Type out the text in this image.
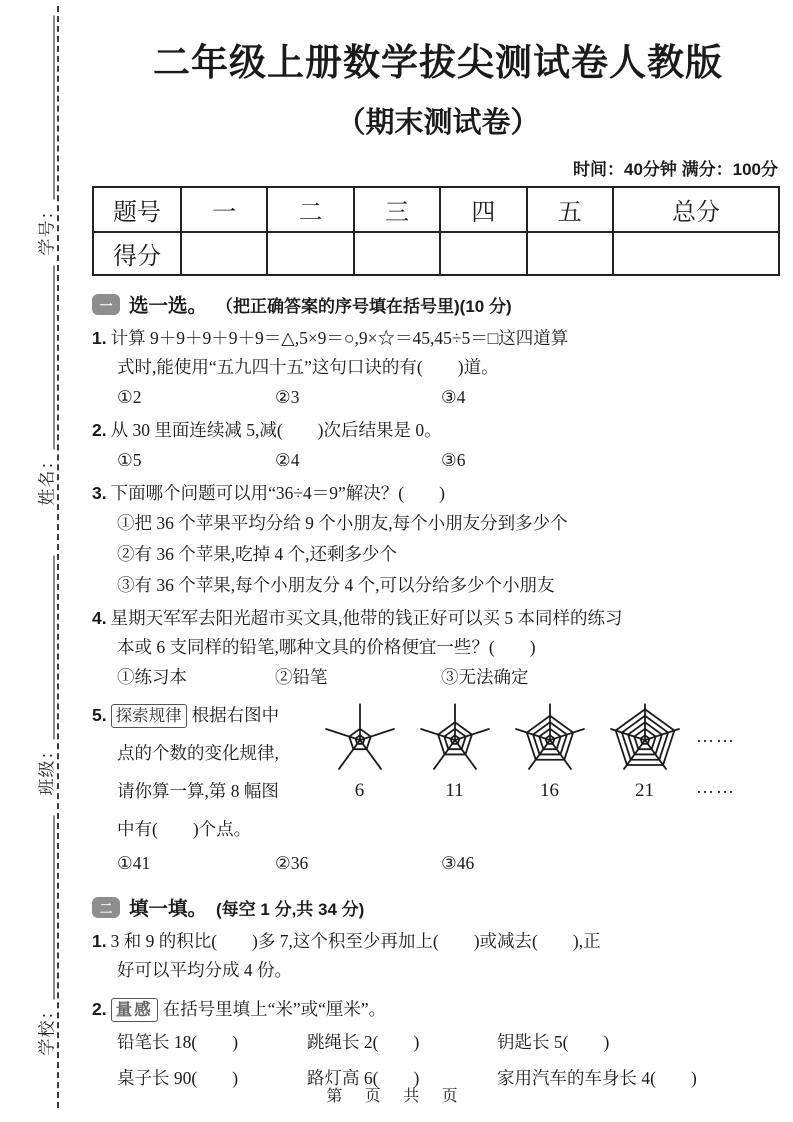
学号：
姓名：
班级：
学校：
二年级上册数学拔尖测试卷人教版
（期末测试卷）
时间：40分钟 满分：100分
题号	一	二	三	四	五	总分
得分						
一 选一选。 （把正确答案的序号填在括号里)(10 分)
1. 计算 9＋9＋9＋9＋9＝△,5×9＝○,9×☆＝45,45÷5＝□这四道算
式时,能使用“五九四十五”这句口诀的有(　　)道。
①2	②3	③4
2. 从 30 里面连续减 5,减(　　)次后结果是 0。
①5	②4	③6
3. 下面哪个问题可以用“36÷4＝9”解决？(　　)
①把 36 个苹果平均分给 9 个小朋友,每个小朋友分到多少个
②有 36 个苹果,吃掉 4 个,还剩多少个
③有 36 个苹果,每个小朋友分 4 个,可以分给多少个小朋友
4. 星期天军军去阳光超市买文具,他带的钱正好可以买 5 本同样的练习
本或 6 支同样的铅笔,哪种文具的价格便宜一些？(　　)
①练习本	②铅笔	③无法确定
5. 探索规律 根据右图中
点的个数的变化规律,
请你算一算,第 8 幅图
中有(　　)个点。
6	11	16	21
……
……
①41	②36	③46
二 填一填。 (每空 1 分,共 34 分)
1. 3 和 9 的积比(　　)多 7,这个积至少再加上(　　)或减去(　　),正
好可以平均分成 4 份。
2. 量感 在括号里填上“米”或“厘米”。
铅笔长 18(　　)	跳绳长 2(　　)	钥匙长 5(　　)
桌子长 90(　　)	路灯高 6(　　)	家用汽车的车身长 4(　　)
第 页 共 页
